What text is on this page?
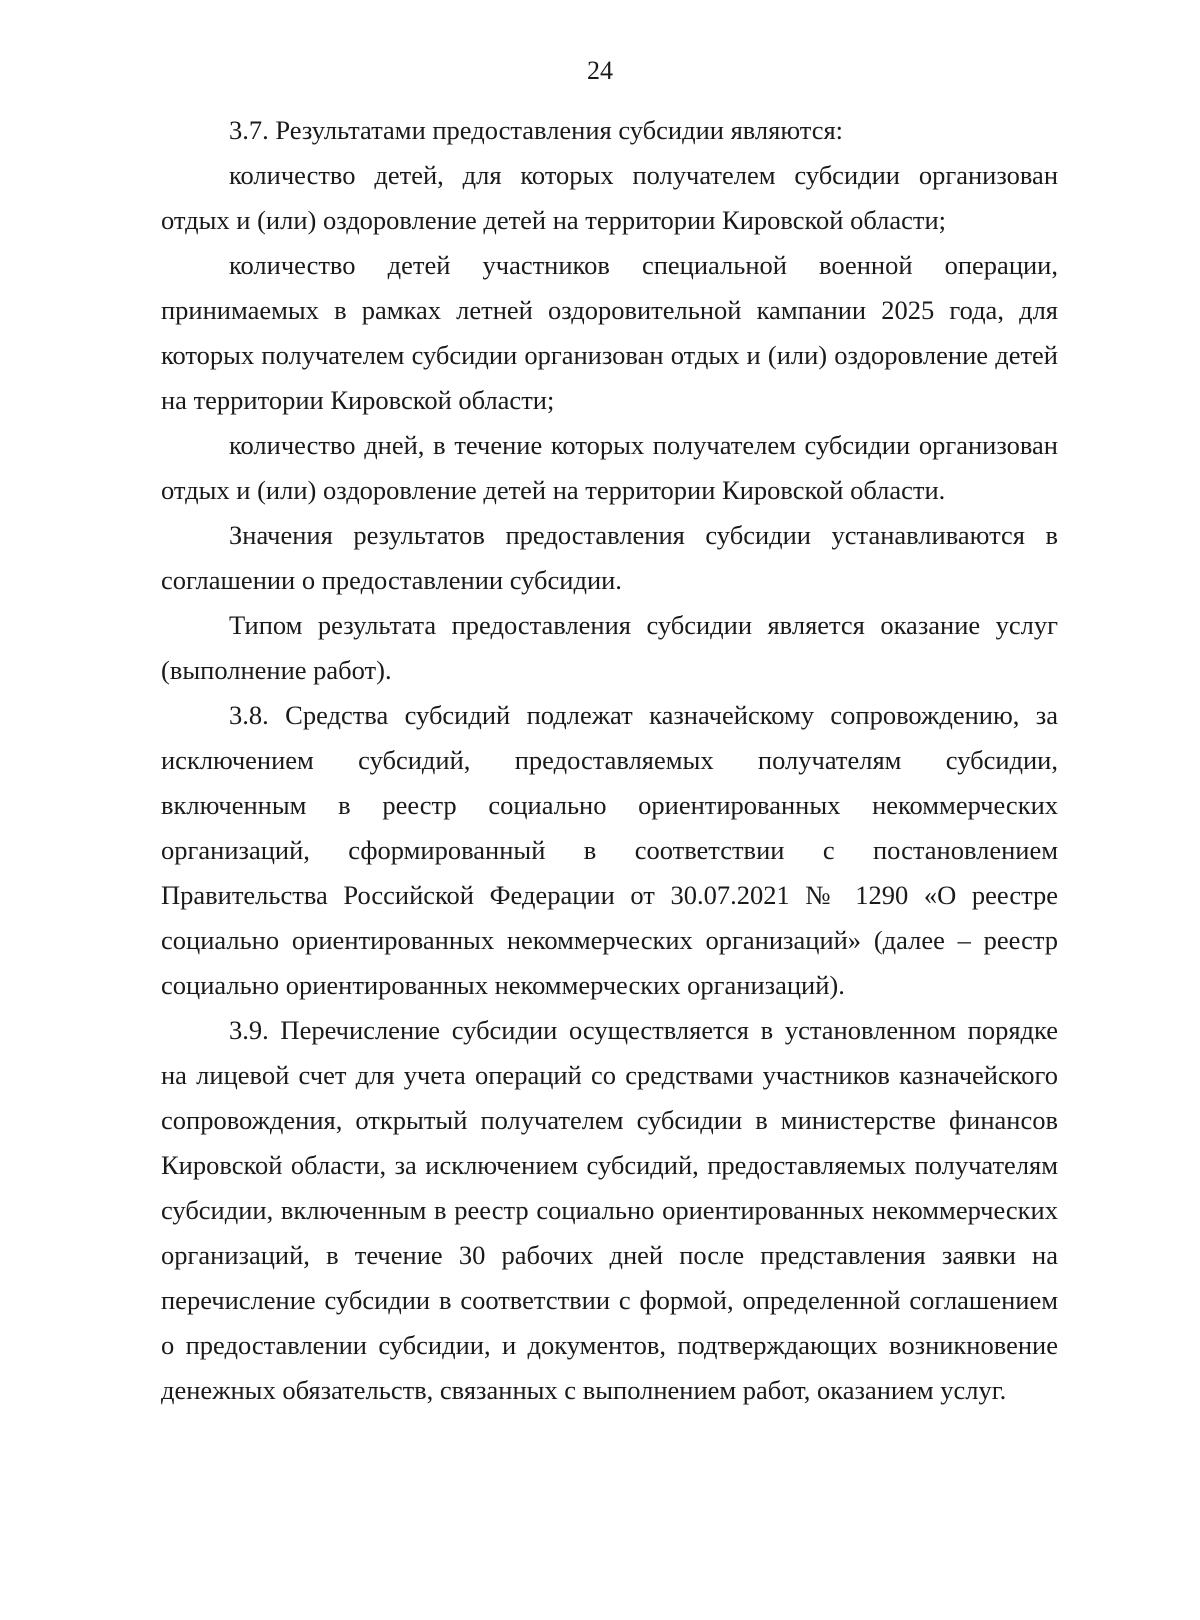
24

3.7. Результатами предоставления субсидии являются:

количество детей, для которых получателем субсидии организован отдых и (или) оздоровление детей на территории Кировской области;

количество детей участников специальной военной операции, принимаемых в рамках летней оздоровительной кампании 2025 года, для которых получателем субсидии организован отдых и (или) оздоровление детей на территории Кировской области;

количество дней, в течение которых получателем субсидии организован отдых и (или) оздоровление детей на территории Кировской области.

Значения результатов предоставления субсидии устанавливаются в соглашении о предоставлении субсидии.

Типом результата предоставления субсидии является оказание услуг (выполнение работ).

3.8. Средства субсидий подлежат казначейскому сопровождению, за исключением субсидий, предоставляемых получателям субсидии, включенным в реестр социально ориентированных некоммерческих организаций, сформированный в соответствии с постановлением Правительства Российской Федерации от 30.07.2021 № 1290 «О реестре социально ориентированных некоммерческих организаций» (далее – реестр социально ориентированных некоммерческих организаций).

3.9. Перечисление субсидии осуществляется в установленном порядке на лицевой счет для учета операций со средствами участников казначейского сопровождения, открытый получателем субсидии в министерстве финансов Кировской области, за исключением субсидий, предоставляемых получателям субсидии, включенным в реестр социально ориентированных некоммерческих организаций, в течение 30 рабочих дней после представления заявки на перечисление субсидии в соответствии с формой, определенной соглашением о предоставлении субсидии, и документов, подтверждающих возникновение денежных обязательств, связанных с выполнением работ, оказанием услуг.
